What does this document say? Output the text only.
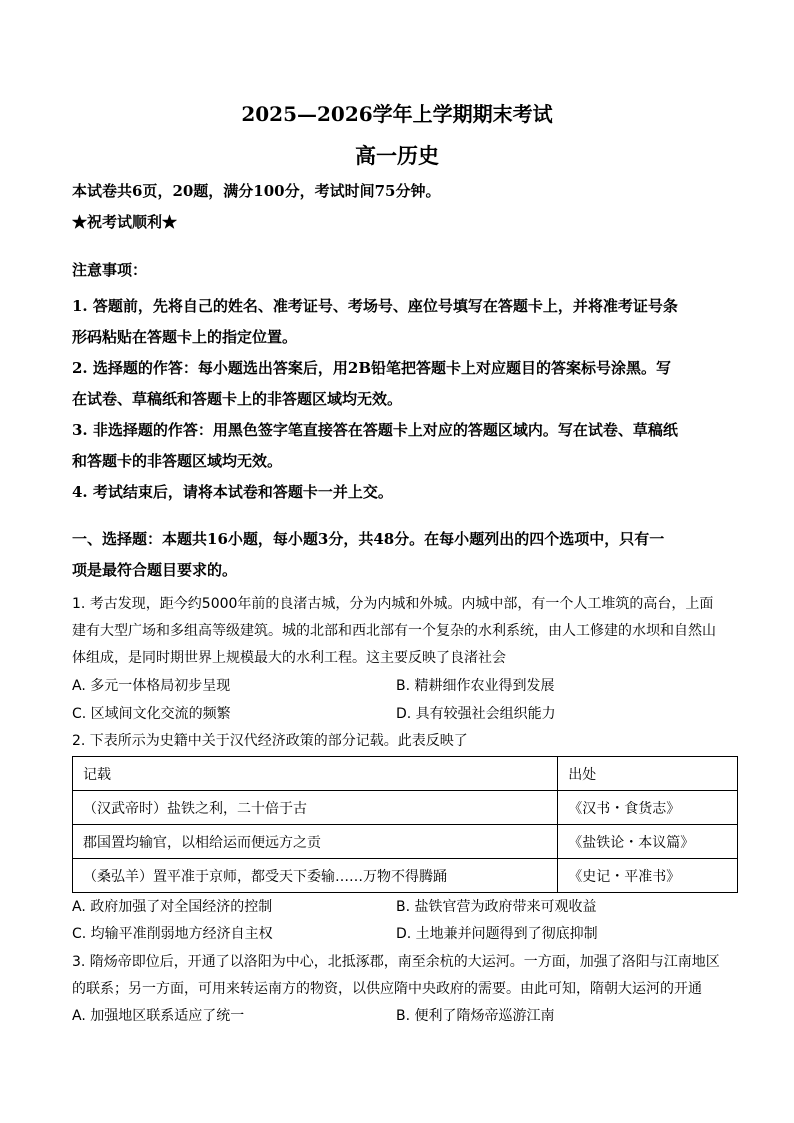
2025—2026学年上学期期末考试
高一历史
本试卷共6页，20题，满分100分，考试时间75分钟。
★祝考试顺利★
注意事项：
1. 答题前，先将自己的姓名、准考证号、考场号、座位号填写在答题卡上，并将准考证号条
形码粘贴在答题卡上的指定位置。
2. 选择题的作答：每小题选出答案后，用2B铅笔把答题卡上对应题目的答案标号涂黑。写
在试卷、草稿纸和答题卡上的非答题区域均无效。
3. 非选择题的作答：用黑色签字笔直接答在答题卡上对应的答题区域内。写在试卷、草稿纸
和答题卡的非答题区域均无效。
4. 考试结束后，请将本试卷和答题卡一并上交。
一、选择题：本题共16小题，每小题3分，共48分。在每小题列出的四个选项中，只有一
项是最符合题目要求的。
1. 考古发现，距今约5000年前的良渚古城，分为内城和外城。内城中部，有一个人工堆筑的高台，上面
建有大型广场和多组高等级建筑。城的北部和西北部有一个复杂的水利系统，由人工修建的水坝和自然山
体组成，是同时期世界上规模最大的水利工程。这主要反映了良渚社会
A. 多元一体格局初步呈现	B. 精耕细作农业得到发展
C. 区域间文化交流的频繁	D. 具有较强社会组织能力
2. 下表所示为史籍中关于汉代经济政策的部分记载。此表反映了
记载	出处
（汉武帝时）盐铁之利，二十倍于古	《汉书・食货志》
郡国置均输官，以相给运而便远方之贡	《盐铁论・本议篇》
（桑弘羊）置平准于京师，都受天下委输……万物不得腾踊	《史记・平准书》
A. 政府加强了对全国经济的控制	B. 盐铁官营为政府带来可观收益
C. 均输平准削弱地方经济自主权	D. 土地兼并问题得到了彻底抑制
3. 隋炀帝即位后，开通了以洛阳为中心，北抵涿郡，南至余杭的大运河。一方面，加强了洛阳与江南地区
的联系；另一方面，可用来转运南方的物资，以供应隋中央政府的需要。由此可知，隋朝大运河的开通
A. 加强地区联系适应了统一	B. 便利了隋炀帝巡游江南
